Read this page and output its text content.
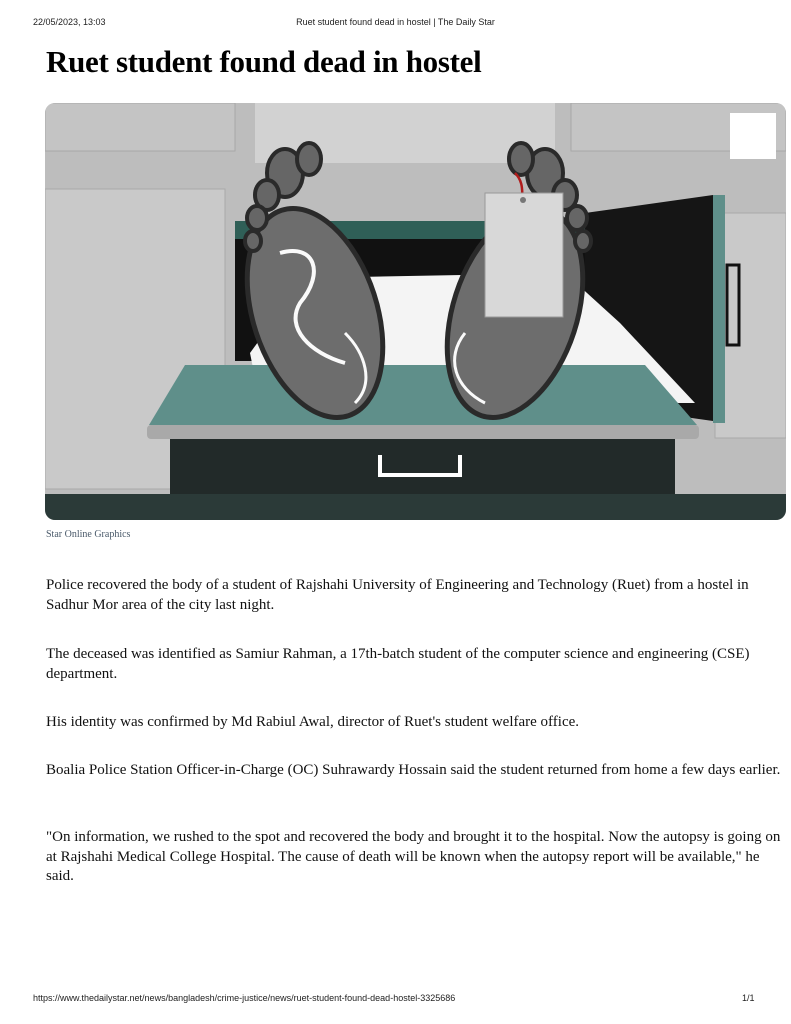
22/05/2023, 13:03	Ruet student found dead in hostel | The Daily Star
Ruet student found dead in hostel
Star Online Graphics

Police recovered the body of a student of Rajshahi University of Engineering and Technology (Ruet) from a hostel in Sadhur Mor area of the city last night.

The deceased was identified as Samiur Rahman, a 17th-batch student of the computer science and engineering (CSE) department.

His identity was confirmed by Md Rabiul Awal, director of Ruet's student welfare office.

Boalia Police Station Officer-in-Charge (OC) Suhrawardy Hossain said the student returned from home a few days earlier.

"On information, we rushed to the spot and recovered the body and brought it to the hospital. Now the autopsy is going on at Rajshahi Medical College Hospital. The cause of death will be known when the autopsy report will be available," he said.

https://www.thedailystar.net/news/bangladesh/crime-justice/news/ruet-student-found-dead-hostel-3325686	1/1
